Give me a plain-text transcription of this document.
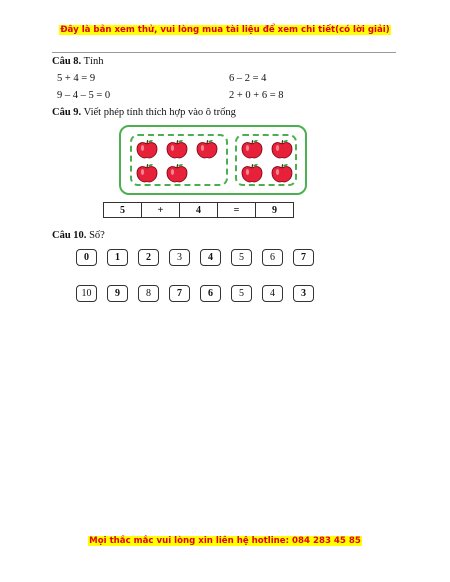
Đây là bản xem thử, vui lòng mua tài liệu để xem chi tiết(có lời giải)
Câu 8. Tính
5 + 4 = 9	6 – 2 = 4
9 – 4 – 5 = 0	2 + 0 + 6 = 8
Câu 9. Viết phép tính thích hợp vào ô trống
5	+	4	=	9
Câu 10. Số?
0	1	2	3	4	5	6	7
10	9	8	7	6	5	4	3
Mọi thắc mắc vui lòng xin liên hệ hotline: 084 283 45 85
